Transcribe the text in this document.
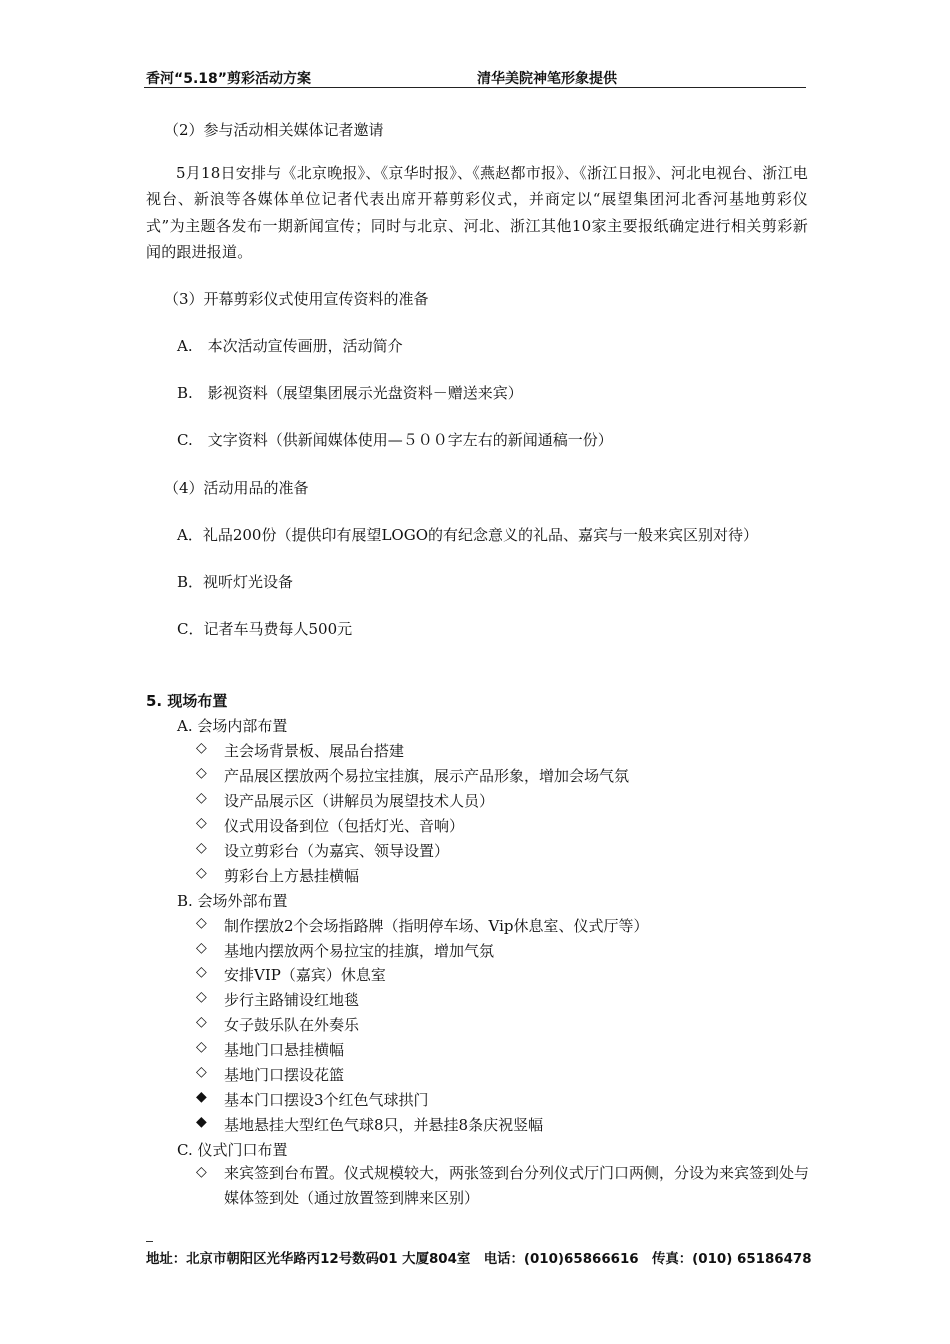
香河“5.18”剪彩活动方案	清华美院神笔形象提供
（2）参与活动相关媒体记者邀请
5月18日安排与《北京晚报》、《京华时报》、《燕赵都市报》、《浙江日报》、河北电视台、浙江电视台、新浪等各媒体单位记者代表出席开幕剪彩仪式，并商定以“展望集团河北香河基地剪彩仪式”为主题各发布一期新闻宣传；同时与北京、河北、浙江其他10家主要报纸确定进行相关剪彩新闻的跟进报道。
（3）开幕剪彩仪式使用宣传资料的准备
A.　本次活动宣传画册，活动简介
B.　影视资料（展望集团展示光盘资料－赠送来宾）
C.　文字资料（供新闻媒体使用—５００字左右的新闻通稿一份）
（4）活动用品的准备
A．礼品200份（提供印有展望LOGO的有纪念意义的礼品、嘉宾与一般来宾区别对待）
B．视听灯光设备
C．记者车马费每人500元
5. 现场布置
A. 会场内部布置
◇ 主会场背景板、展品台搭建
◇ 产品展区摆放两个易拉宝挂旗，展示产品形象，增加会场气氛
◇ 设产品展示区（讲解员为展望技术人员）
◇ 仪式用设备到位（包括灯光、音响）
◇ 设立剪彩台（为嘉宾、领导设置）
◇ 剪彩台上方悬挂横幅
B. 会场外部布置
◇ 制作摆放2个会场指路牌（指明停车场、Vip休息室、仪式厅等）
◇ 基地内摆放两个易拉宝的挂旗，增加气氛
◇ 安排VIP（嘉宾）休息室
◇ 步行主路铺设红地毯
◇ 女子鼓乐队在外奏乐
◇ 基地门口悬挂横幅
◇ 基地门口摆设花篮
◆ 基本门口摆设3个红色气球拱门
◆ 基地悬挂大型红色气球8只，并悬挂8条庆祝竖幅
C. 仪式门口布置
◇ 来宾签到台布置。仪式规模较大，两张签到台分列仪式厅门口两侧，分设为来宾签到处与媒体签到处（通过放置签到牌来区别）
地址：北京市朝阳区光华路丙12号数码01 大厦804室　电话：(010)65866616　传真：(010) 65186478
